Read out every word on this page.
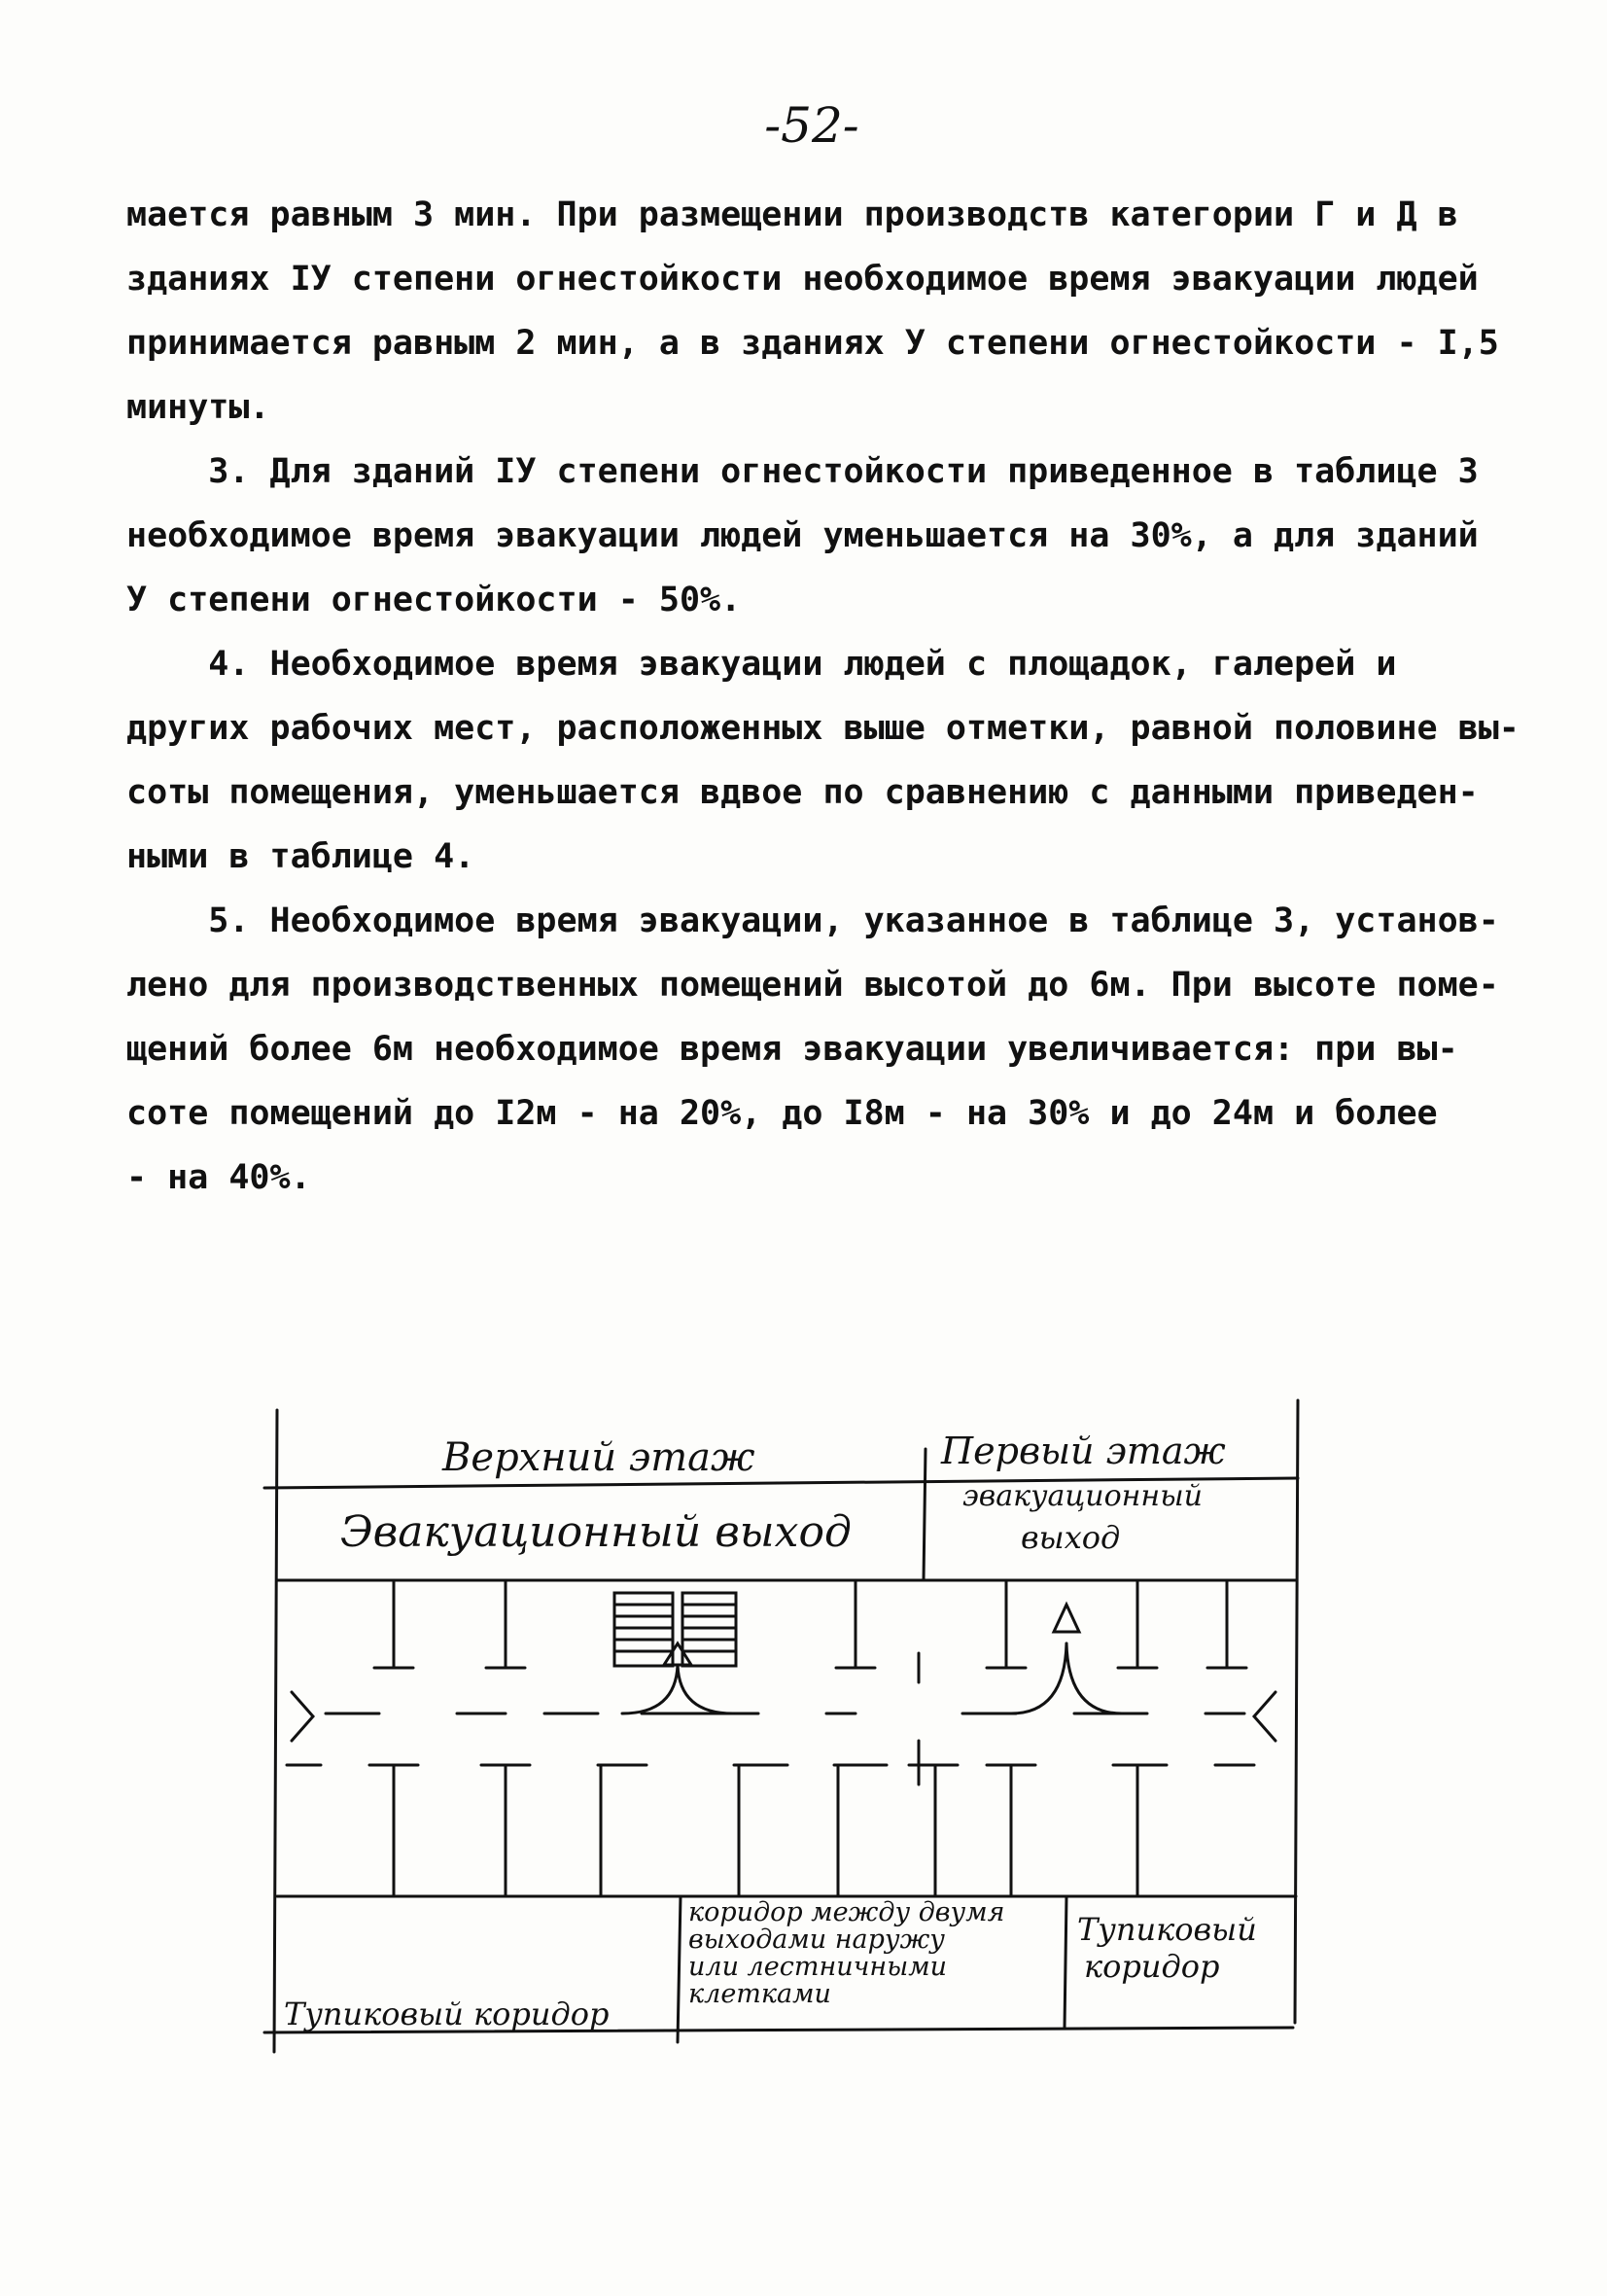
-52-
мается равным 3 мин. При размещении производств категории Г и Д в
зданиях IУ степени огнестойкости необходимое время эвакуации людей
принимается равным 2 мин, а в зданиях У степени огнестойкости - I,5
минуты.
3. Для зданий IУ степени огнестойкости приведенное в таблице 3
необходимое время эвакуации людей уменьшается на 30%, а для зданий
У степени огнестойкости - 50%.
4. Необходимое время эвакуации людей с площадок, галерей и
других рабочих мест, расположенных выше отметки, равной половине вы-
соты помещения, уменьшается вдвое по сравнению с данными приведен-
ными в таблице 4.
5. Необходимое время эвакуации, указанное в таблице 3, установ-
лено для производственных помещений высотой до 6м. При высоте поме-
щений более 6м необходимое время эвакуации увеличивается: при вы-
соте помещений до I2м - на 20%, до I8м - на 30% и до 24м и более
- на 40%.
Верхний этаж	Первый этаж
Эвакуационный выход
эвакуационный
выход
Тупиковый коридор
коридор между двумя
выходами наружу
или лестничными
клетками
Тупиковый
коридор
